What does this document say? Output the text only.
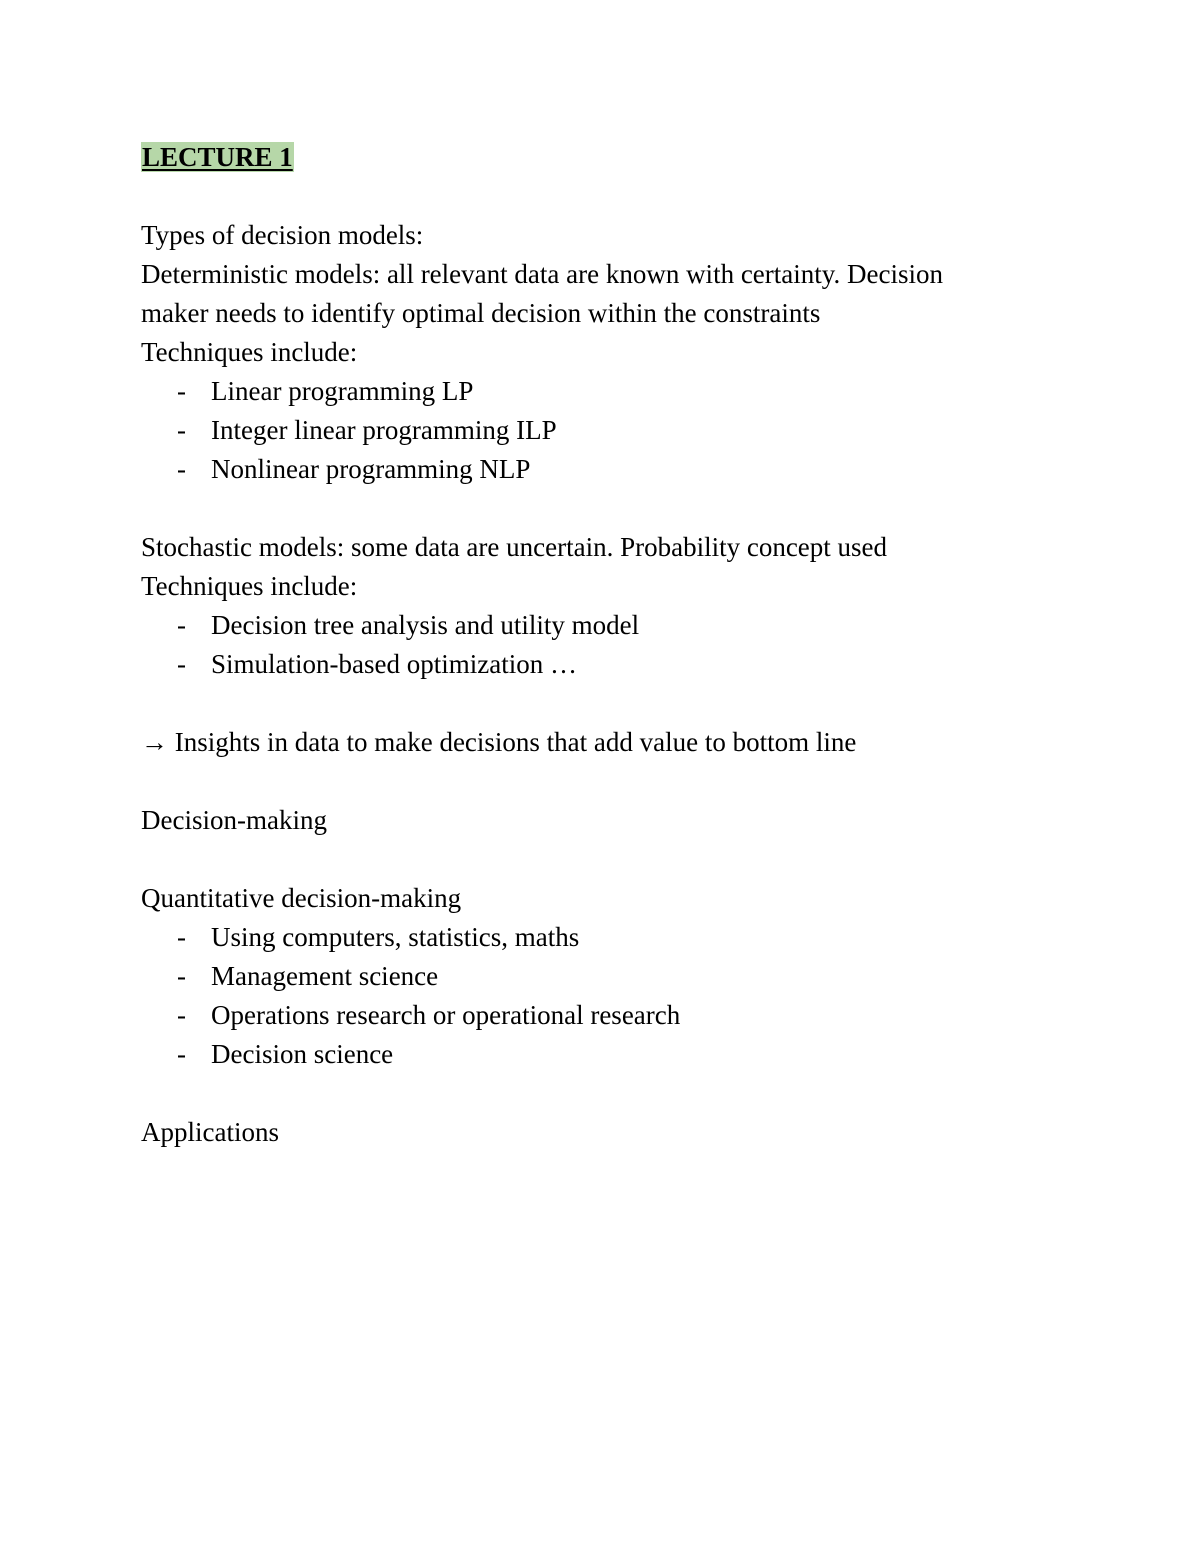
LECTURE 1
Types of decision models:
Deterministic models: all relevant data are known with certainty. Decision
maker needs to identify optimal decision within the constraints
Techniques include:
- Linear programming LP
- Integer linear programming ILP
- Nonlinear programming NLP
Stochastic models: some data are uncertain. Probability concept used
Techniques include:
- Decision tree analysis and utility model
- Simulation-based optimization …
→ Insights in data to make decisions that add value to bottom line
Decision-making
Quantitative decision-making
- Using computers, statistics, maths
- Management science
- Operations research or operational research
- Decision science
Applications
